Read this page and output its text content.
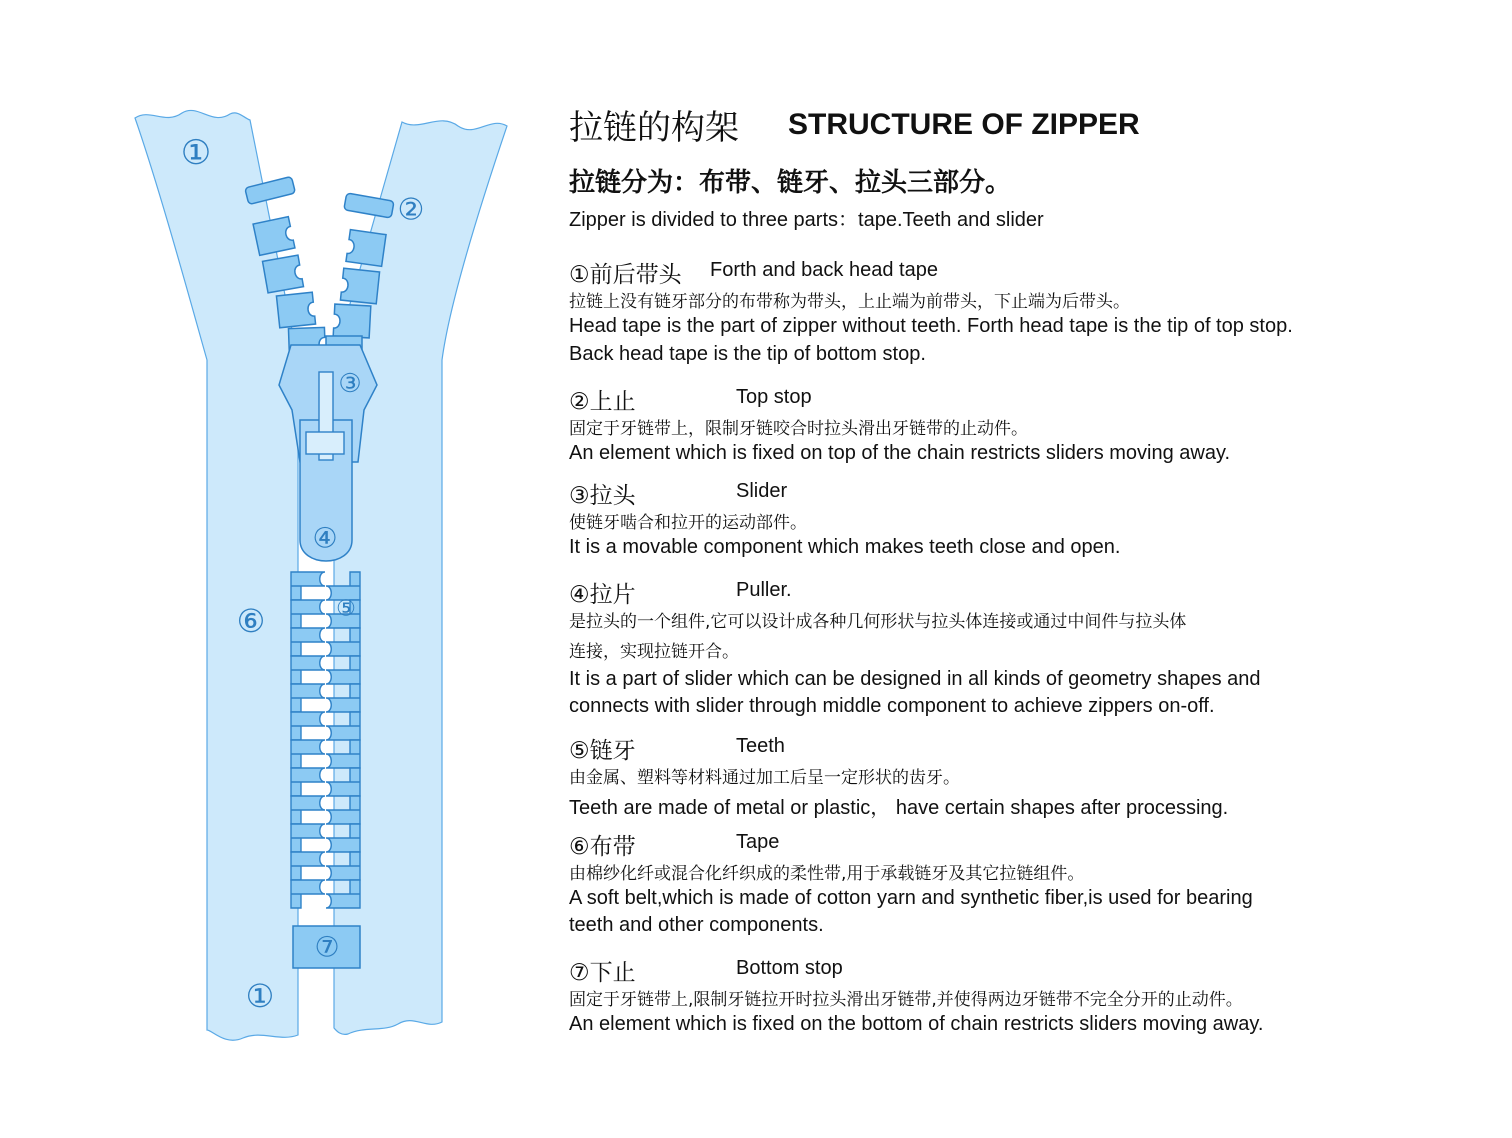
①
②
③
④
⑤
⑥
⑦
①
拉链的构架 STRUCTURE OF ZIPPER
拉链分为：布带、链牙、拉头三部分。
Zipper is divided to three parts：tape.Teeth and slider
①前后带头 Forth and back head tape
拉链上没有链牙部分的布带称为带头，上止端为前带头，下止端为后带头。
Head tape is the part of zipper without teeth. Forth head tape is the tip of top stop.
Back head tape is the tip of bottom stop.
②上止	Top stop
固定于牙链带上，限制牙链咬合时拉头滑出牙链带的止动件。
An element which is fixed on top of the chain restricts sliders moving away.
③拉头	Slider
使链牙啮合和拉开的运动部件。
It is a movable component which makes teeth close and open.
④拉片	Puller.
是拉头的一个组件,它可以设计成各种几何形状与拉头体连接或通过中间件与拉头体
连接，实现拉链开合。
It is a part of slider which can be designed in all kinds of geometry shapes and
connects with slider through middle component to achieve zippers on-off.
⑤链牙	Teeth
由金属、塑料等材料通过加工后呈一定形状的齿牙。
Teeth are made of metal or plastic， have certain shapes after processing.
⑥布带	Tape
由棉纱化纤或混合化纤织成的柔性带,用于承载链牙及其它拉链组件。
A soft belt,which is made of cotton yarn and synthetic fiber,is used for bearing
teeth and other components.
⑦下止	Bottom stop
固定于牙链带上,限制牙链拉开时拉头滑出牙链带,并使得两边牙链带不完全分开的止动件。
An element which is fixed on the bottom of chain restricts sliders moving away.
